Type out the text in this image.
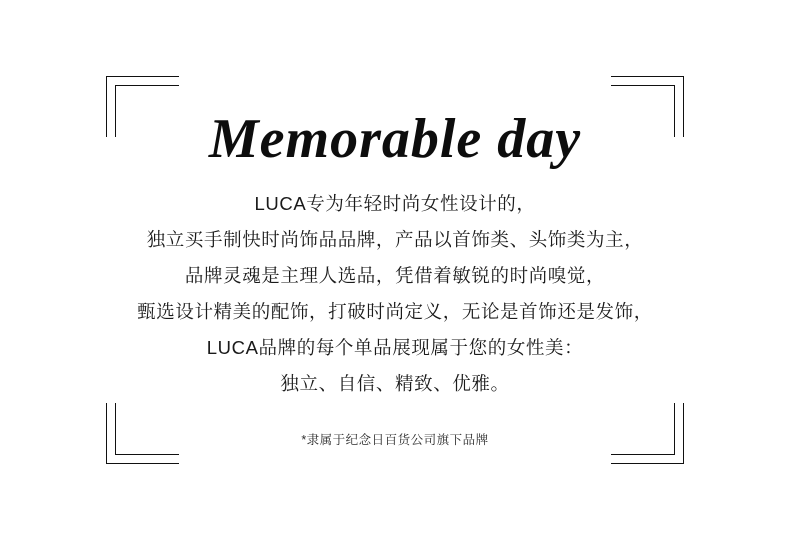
Memorable day
LUCA专为年轻时尚女性设计的，
独立买手制快时尚饰品品牌，产品以首饰类、头饰类为主，
品牌灵魂是主理人选品，凭借着敏锐的时尚嗅觉，
甄选设计精美的配饰，打破时尚定义，无论是首饰还是发饰，
LUCA品牌的每个单品展现属于您的女性美：
独立、自信、精致、优雅。
*隶属于纪念日百货公司旗下品牌
